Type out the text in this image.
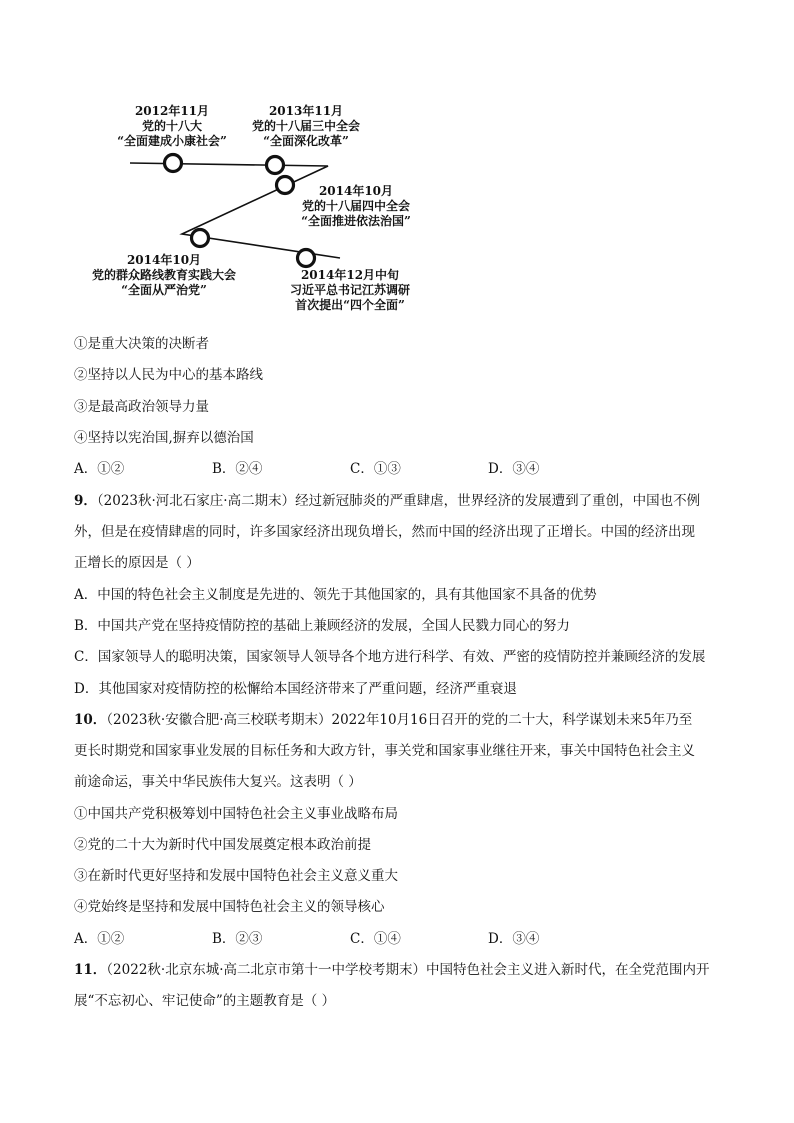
2012年11月
党的十八大
“全面建成小康社会”
2013年11月
党的十八届三中全会
“全面深化改革”
2014年10月
党的十八届四中全会
“全面推进依法治国”
2014年10月
党的群众路线教育实践大会
“全面从严治党”
2014年12月中旬
习近平总书记江苏调研
首次提出“四个全面”
①是重大决策的决断者
②坚持以人民为中心的基本路线
③是最高政治领导力量
④坚持以宪治国,摒弃以德治国
A．①②	B．②④	C．①③	D．③④
9．（2023秋·河北石家庄·高二期末）经过新冠肺炎的严重肆虐，世界经济的发展遭到了重创，中国也不例
外，但是在疫情肆虐的同时，许多国家经济出现负增长，然而中国的经济出现了正增长。中国的经济出现
正增长的原因是（ ）
A．中国的特色社会主义制度是先进的、领先于其他国家的，具有其他国家不具备的优势
B．中国共产党在坚持疫情防控的基础上兼顾经济的发展，全国人民戮力同心的努力
C．国家领导人的聪明决策，国家领导人领导各个地方进行科学、有效、严密的疫情防控并兼顾经济的发展
D．其他国家对疫情防控的松懈给本国经济带来了严重问题，经济严重衰退
10．（2023秋·安徽合肥·高三校联考期末）2022年10月16日召开的党的二十大，科学谋划未来5年乃至
更长时期党和国家事业发展的目标任务和大政方针，事关党和国家事业继往开来，事关中国特色社会主义
前途命运，事关中华民族伟大复兴。这表明（ ）
①中国共产党积极筹划中国特色社会主义事业战略布局
②党的二十大为新时代中国发展奠定根本政治前提
③在新时代更好坚持和发展中国特色社会主义意义重大
④党始终是坚持和发展中国特色社会主义的领导核心
A．①②	B．②③	C．①④	D．③④
11．（2022秋·北京东城·高二北京市第十一中学校考期末）中国特色社会主义进入新时代，在全党范围内开
展“不忘初心、牢记使命”的主题教育是（ ）
